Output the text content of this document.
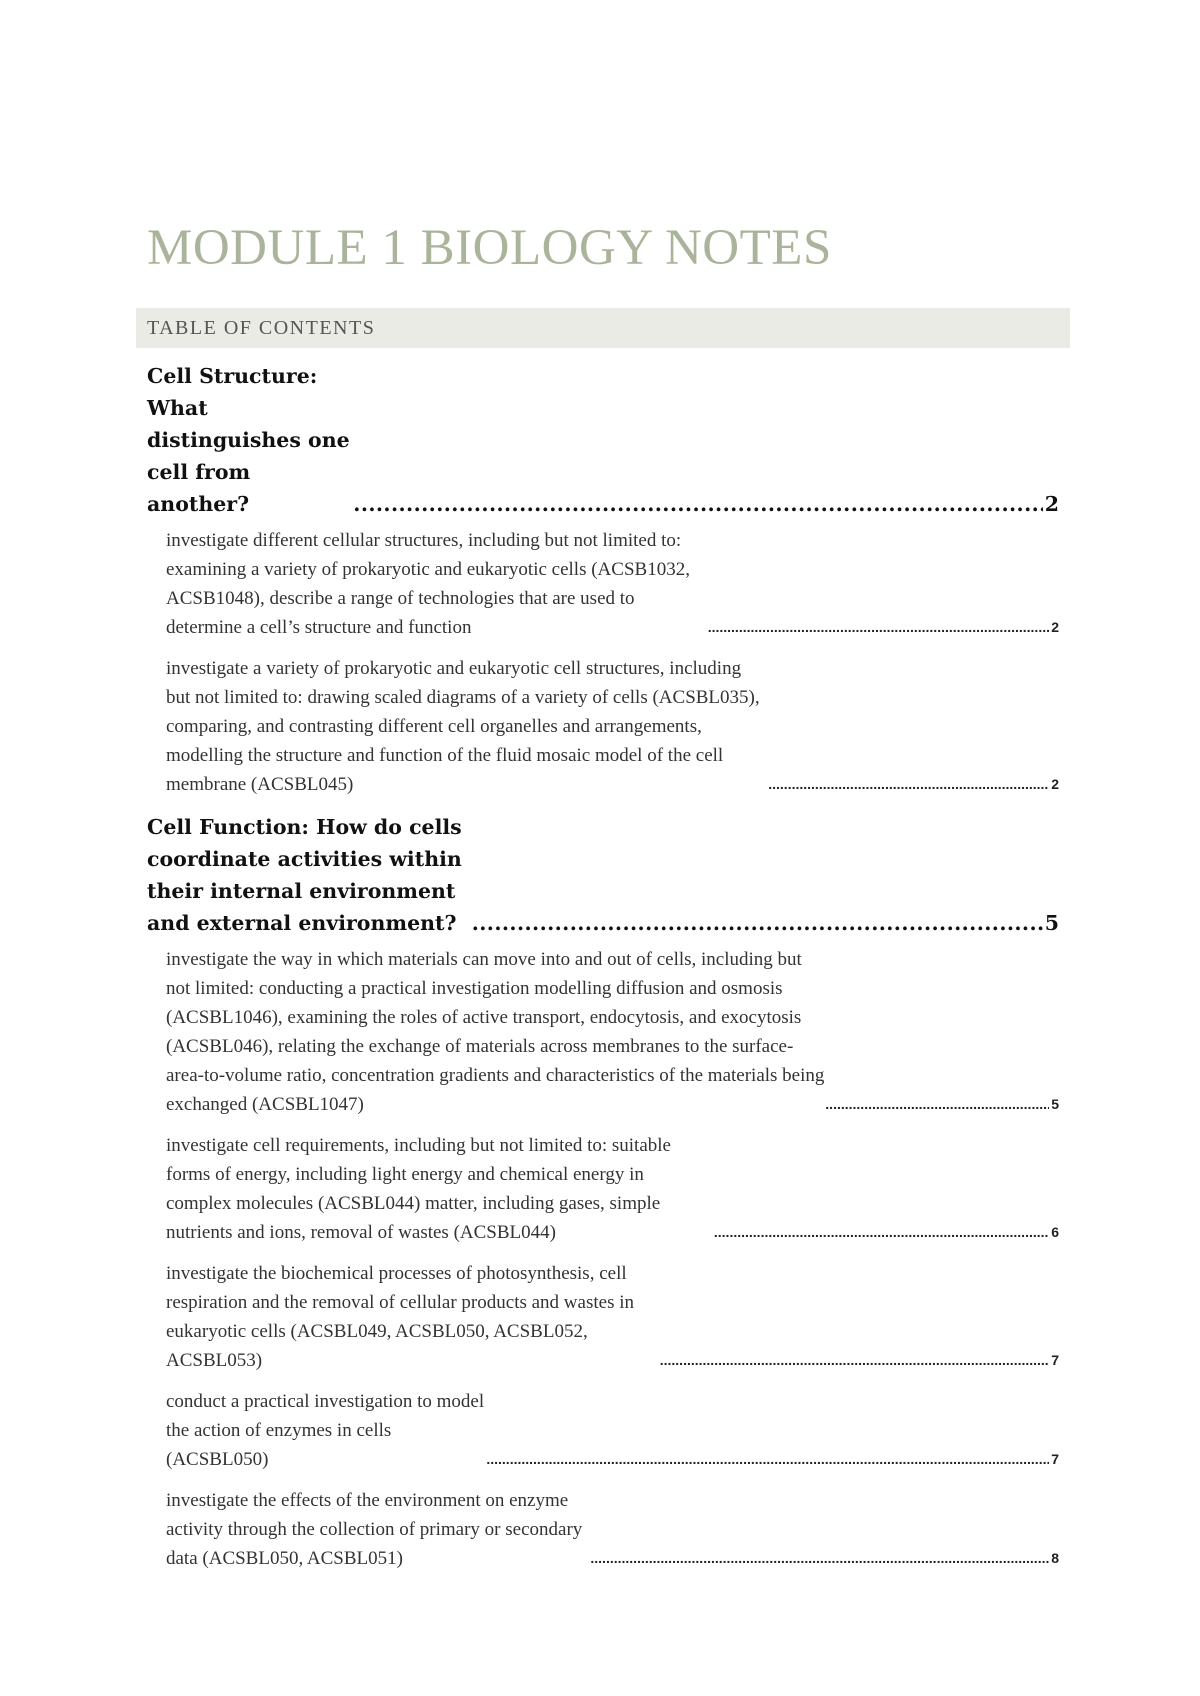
MODULE 1 BIOLOGY NOTES
TABLE OF CONTENTS
Cell Structure: What distinguishes one cell from another? .....	2
investigate different cellular structures, including but not limited to: examining a variety of prokaryotic and eukaryotic cells (ACSB1032, ACSB1048), describe a range of technologies that are used to determine a cell’s structure and function .....	2
investigate a variety of prokaryotic and eukaryotic cell structures, including but not limited to: drawing scaled diagrams of a variety of cells (ACSBL035), comparing, and contrasting different cell organelles and arrangements, modelling the structure and function of the fluid mosaic model of the cell membrane (ACSBL045) .....	2
Cell Function: How do cells coordinate activities within their internal environment and external environment? .....	5
investigate the way in which materials can move into and out of cells, including but not limited: conducting a practical investigation modelling diffusion and osmosis (ACSBL1046), examining the roles of active transport, endocytosis, and exocytosis (ACSBL046), relating the exchange of materials across membranes to the surface-area-to-volume ratio, concentration gradients and characteristics of the materials being exchanged (ACSBL1047) .....	5
investigate cell requirements, including but not limited to: suitable forms of energy, including light energy and chemical energy in complex molecules (ACSBL044) matter, including gases, simple nutrients and ions, removal of wastes (ACSBL044) .....	6
investigate the biochemical processes of photosynthesis, cell respiration and the removal of cellular products and wastes in eukaryotic cells (ACSBL049, ACSBL050, ACSBL052, ACSBL053) .....	7
conduct a practical investigation to model the action of enzymes in cells (ACSBL050) .....	7
investigate the effects of the environment on enzyme activity through the collection of primary or secondary data (ACSBL050, ACSBL051) .....	8
